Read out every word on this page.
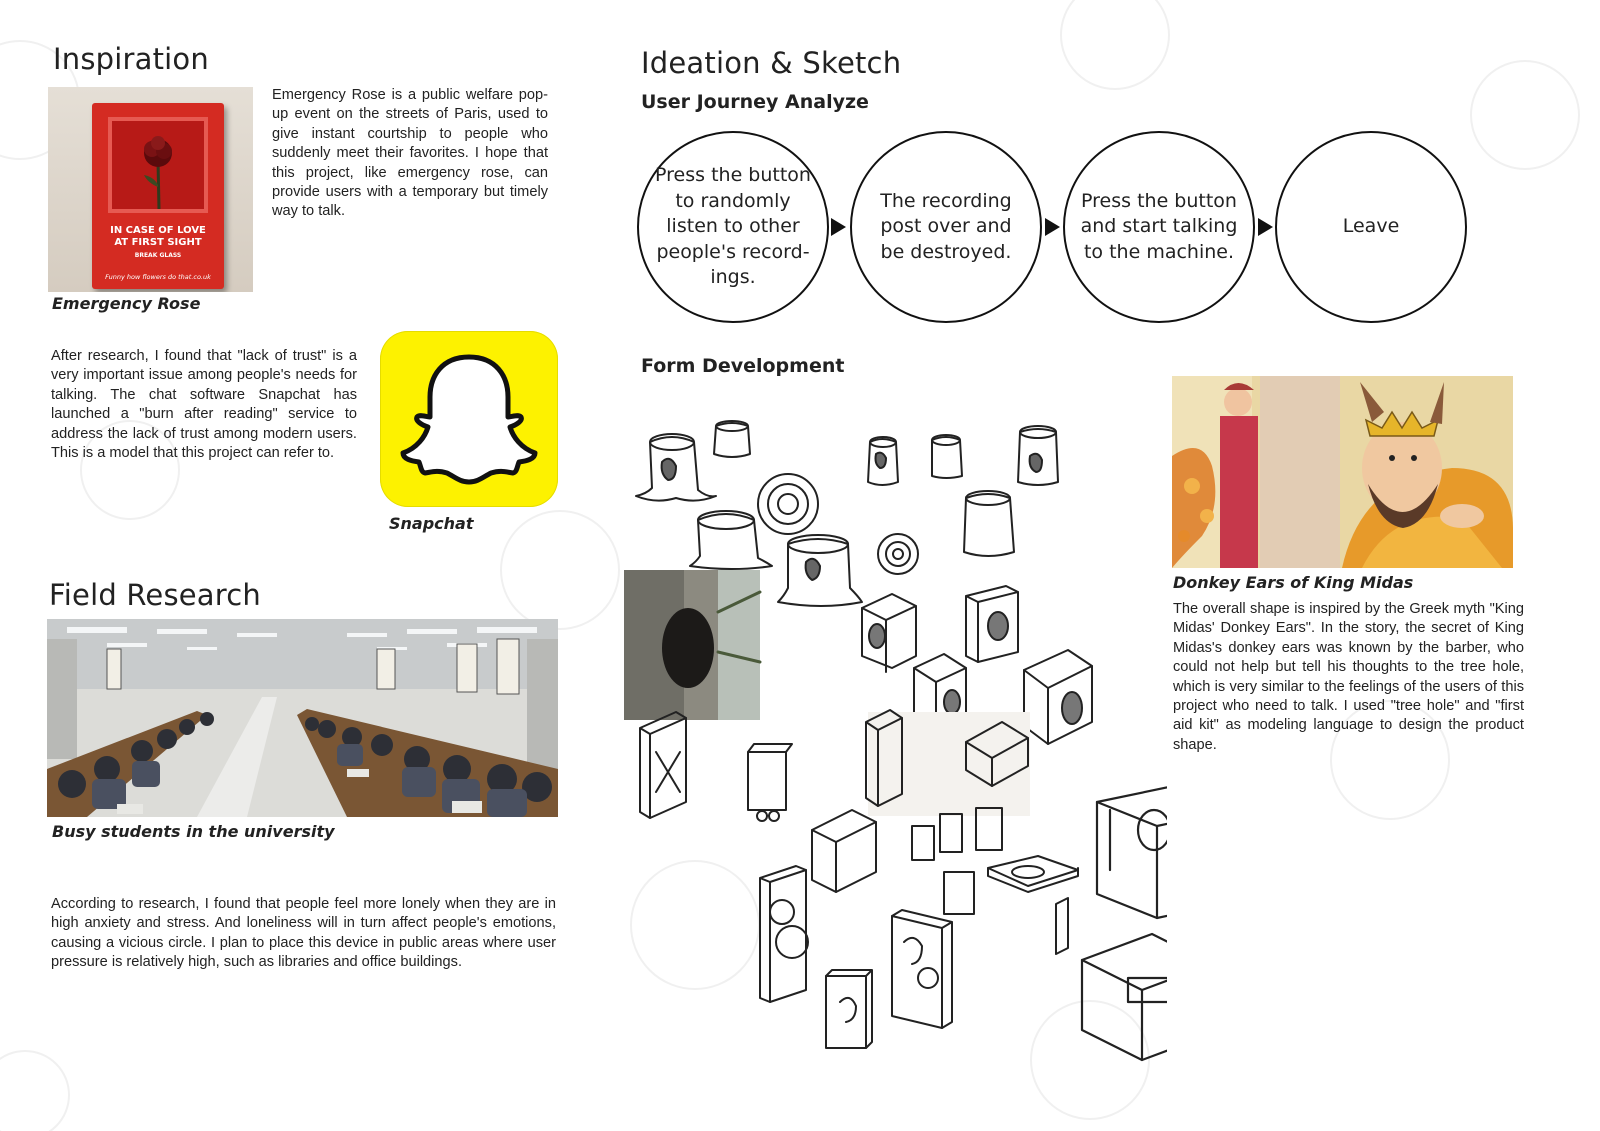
Inspiration
IN CASE OF LOVE
AT FIRST SIGHT
BREAK GLASS
Funny how flowers do that.co.uk

Emergency Rose is a public welfare pop-up event on the streets of Paris, used to give instant courtship to people who suddenly meet their favorites. I hope that this project, like emergency rose, can provide users with a temporary but timely way to talk.

Emergency Rose

After research, I found that "lack of trust" is a very important issue among people's needs for talking. The chat software Snapchat has launched a "burn after reading" service to address the lack of trust among modern users. This is a model that this project can refer to.

Snapchat
Field Research
Busy students in the university

According to research, I found that people feel more lonely when they are in high anxiety and stress. And loneliness will in turn affect people's emotions, causing a vicious circle. I plan to place this device in public areas where user pressure is relatively high, such as libraries and office buildings.

Ideation & Sketch
User Journey Analyze
Press the button to randomly listen to other people's record-ings.
The recording post over and be destroyed.
Press the button and start talking to the machine.
Leave
Form Development
Donkey Ears of King Midas

The overall shape is inspired by the Greek myth "King Midas' Donkey Ears". In the story, the secret of King Midas's donkey ears was known by the barber, who could not help but tell his thoughts to the tree hole, which is very similar to the feelings of the users of this project who need to talk. I used "tree hole" and "first aid kit" as modeling language to design the product shape.
